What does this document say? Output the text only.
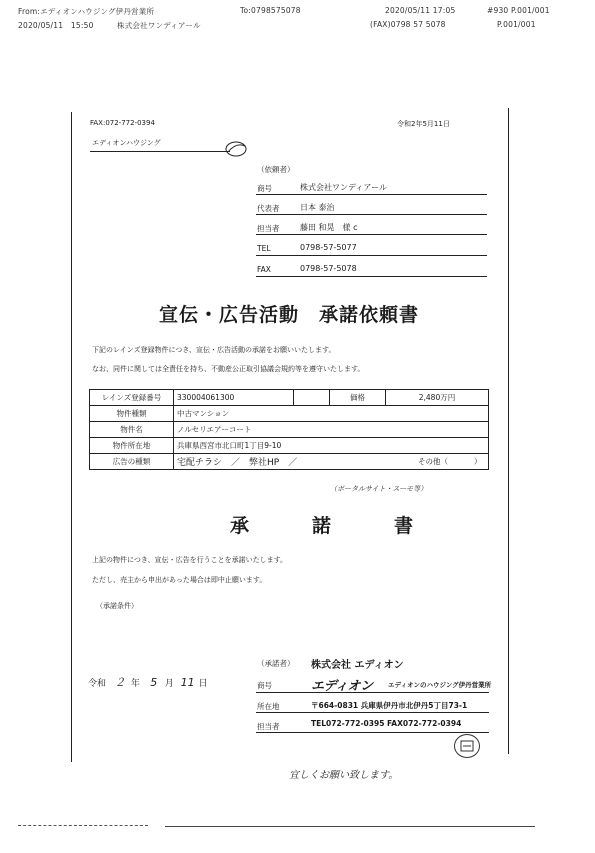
From:エディオンハウジング伊丹営業所	To:0798575078	2020/05/11 17:05	#930 P.001/001
2020/05/11　15:50	株式会社ワンディアール	(FAX)0798 57 5078	P.001/001
FAX:072-772-0394
エディオンハウジング
令和2年5月11日
（依頼者）
商号	株式会社ワンディアール
代表者	日本 泰治
担当者	藤田 和晃　様 c
TEL	0798-57-5077
FAX	0798-57-5078
宣伝・広告活動　承諾依頼書
下記のレインズ登録物件につき、宣伝・広告活動の承諾をお願いいたします。
なお、同件に関しては全責任を持ち、不動産公正取引協議会規約等を遵守いたします。
レインズ登録番号	330004061300		価格	2,480万円
物件種類	中古マンション			
物件名	ノルセリエアーコート			
物件所在地	兵庫県西宮市北口町1丁目9-10			
広告の種類	宅配チラシ　／　弊社HP　／ その他（ ）			
（ポータルサイト・スーモ等）
承　諾　書
上記の物件につき、宣伝・広告を行うことを承諾いたします。
ただし、売主から申出があった場合は即中止願います。
（承諾条件）
令和 ２ 年 5 月 11 日
（承諾者） 株式会社 エディオン
商号	エディオン エディオンのハウジング伊丹営業所
所在地	〒664-0831 兵庫県伊丹市北伊丹5丁目73-1
担当者	TEL072-772-0395 FAX072-772-0394
宜しくお願い致します。
